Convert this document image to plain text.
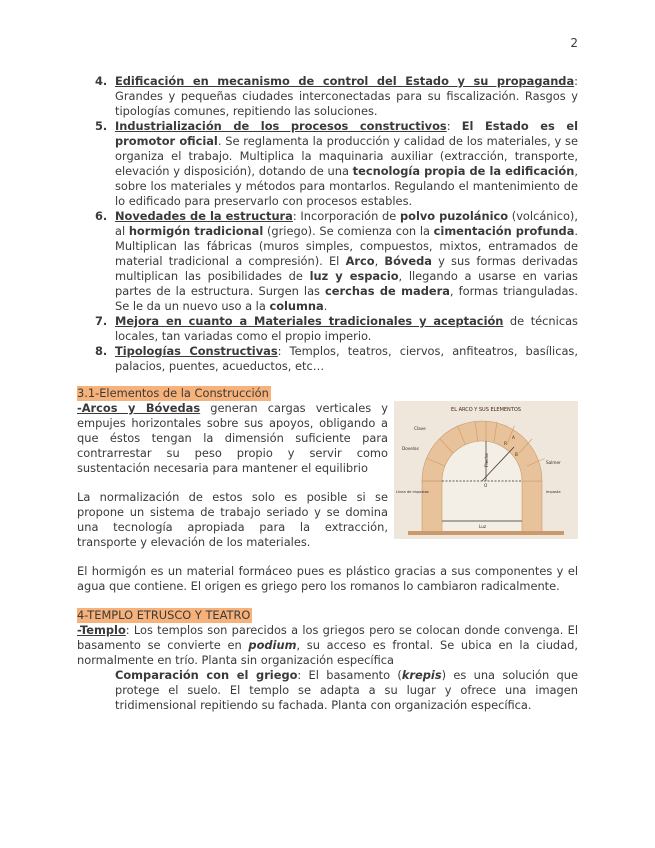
2

4. Edificación en mecanismo de control del Estado y su propaganda: Grandes y pequeñas ciudades interconectadas para su fiscalización. Rasgos y tipologías comunes, repitiendo las soluciones.

5. Industrialización de los procesos constructivos: El Estado es el promotor oficial. Se reglamenta la producción y calidad de los materiales, y se organiza el trabajo. Multiplica la maquinaria auxiliar (extracción, transporte, elevación y disposición), dotando de una tecnología propia de la edificación, sobre los materiales y métodos para montarlos. Regulando el mantenimiento de lo edificado para preservarlo con procesos estables.

6. Novedades de la estructura: Incorporación de polvo puzolánico (volcánico), al hormigón tradicional (griego). Se comienza con la cimentación profunda. Multiplican las fábricas (muros simples, compuestos, mixtos, entramados de material tradicional a compresión). El Arco, Bóveda y sus formas derivadas multiplican las posibilidades de luz y espacio, llegando a usarse en varias partes de la estructura. Surgen las cerchas de madera, formas trianguladas. Se le da un nuevo uso a la columna.

7. Mejora en cuanto a Materiales tradicionales y aceptación de técnicas locales, tan variadas como el propio imperio.

8. Tipologías Constructivas: Templos, teatros, ciervos, anfiteatros, basílicas, palacios, puentes, acueductos, etc…

3.1-Elementos de la Construcción
EL ARCO Y SUS ELEMENTOS
Clave
Dovelas
Salmer
Flecha
Línea de impostas	Imposta
Luz
R
A
O
B

-Arcos y Bóvedas generan cargas verticales y empujes horizontales sobre sus apoyos, obligando a que éstos tengan la dimensión suficiente para contrarrestar su peso propio y servir como sustentación necesaria para mantener el equilibrio

La normalización de estos solo es posible si se propone un sistema de trabajo seriado y se domina una tecnología apropiada para la extracción, transporte y elevación de los materiales.

El hormigón es un material formáceo pues es plástico gracias a sus componentes y el agua que contiene. El origen es griego pero los romanos lo cambiaron radicalmente.

4-TEMPLO ETRUSCO Y TEATRO

-Templo: Los templos son parecidos a los griegos pero se colocan donde convenga. El basamento se convierte en podium, su acceso es frontal. Se ubica en la ciudad, normalmente en trío. Planta sin organización específica

Comparación con el griego: El basamento (krepis) es una solución que protege el suelo. El templo se adapta a su lugar y ofrece una imagen tridimensional repitiendo su fachada. Planta con organización específica.
